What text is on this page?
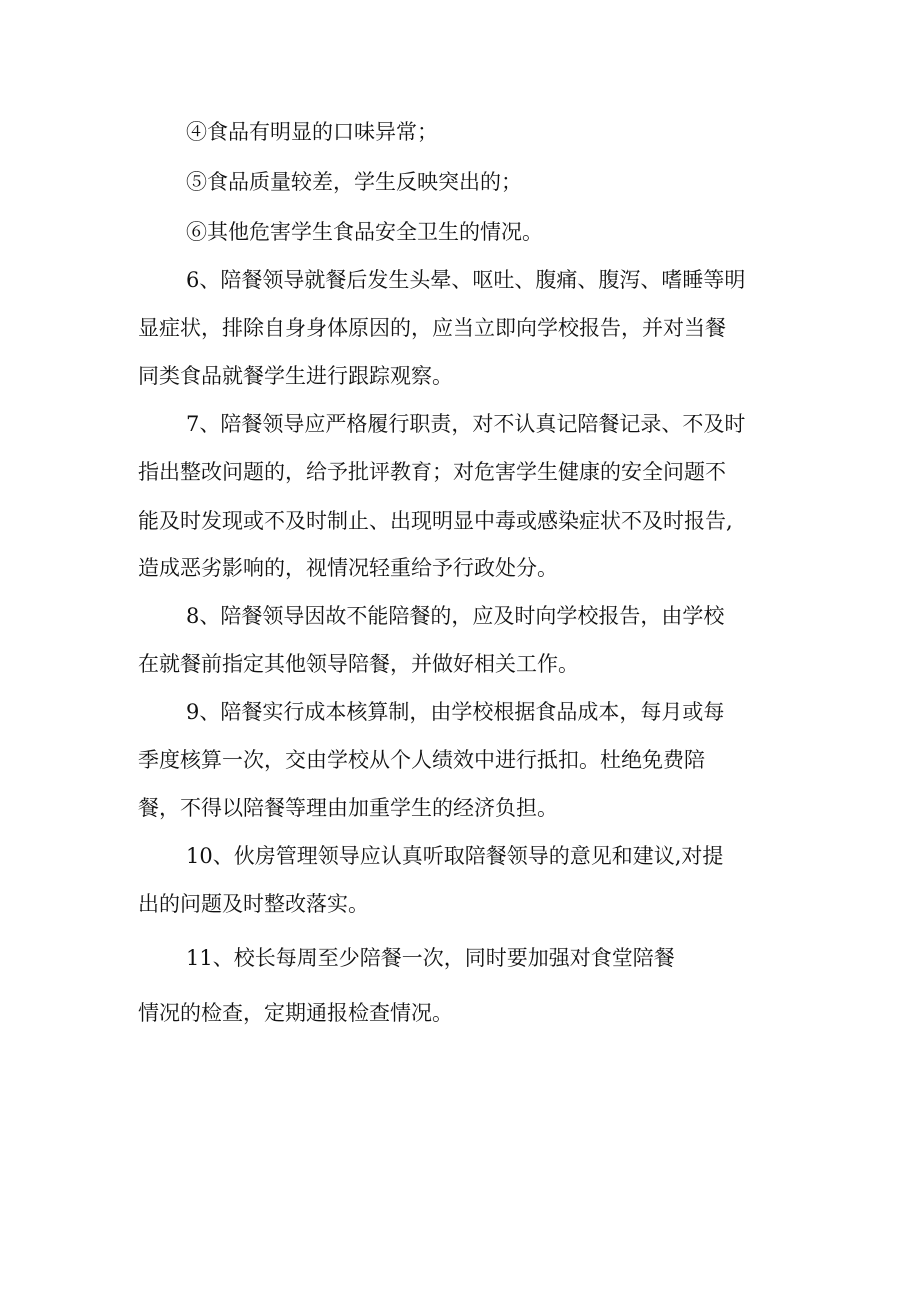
④食品有明显的口味异常；

⑤食品质量较差，学生反映突出的；

⑥其他危害学生食品安全卫生的情况。

6、陪餐领导就餐后发生头晕、呕吐、腹痛、腹泻、嗜睡等明

显症状，排除自身身体原因的，应当立即向学校报告，并对当餐

同类食品就餐学生进行跟踪观察。

7、陪餐领导应严格履行职责，对不认真记陪餐记录、不及时

指出整改问题的，给予批评教育；对危害学生健康的安全问题不

能及时发现或不及时制止、出现明显中毒或感染症状不及时报告,

造成恶劣影响的，视情况轻重给予行政处分。

8、陪餐领导因故不能陪餐的，应及时向学校报告，由学校

在就餐前指定其他领导陪餐，并做好相关工作。

9、陪餐实行成本核算制，由学校根据食品成本，每月或每

季度核算一次，交由学校从个人绩效中进行抵扣。杜绝免费陪

餐，不得以陪餐等理由加重学生的经济负担。

10、伙房管理领导应认真听取陪餐领导的意见和建议,对提

出的问题及时整改落实。

11、校长每周至少陪餐一次，同时要加强对食堂陪餐

情况的检查，定期通报检查情况。
